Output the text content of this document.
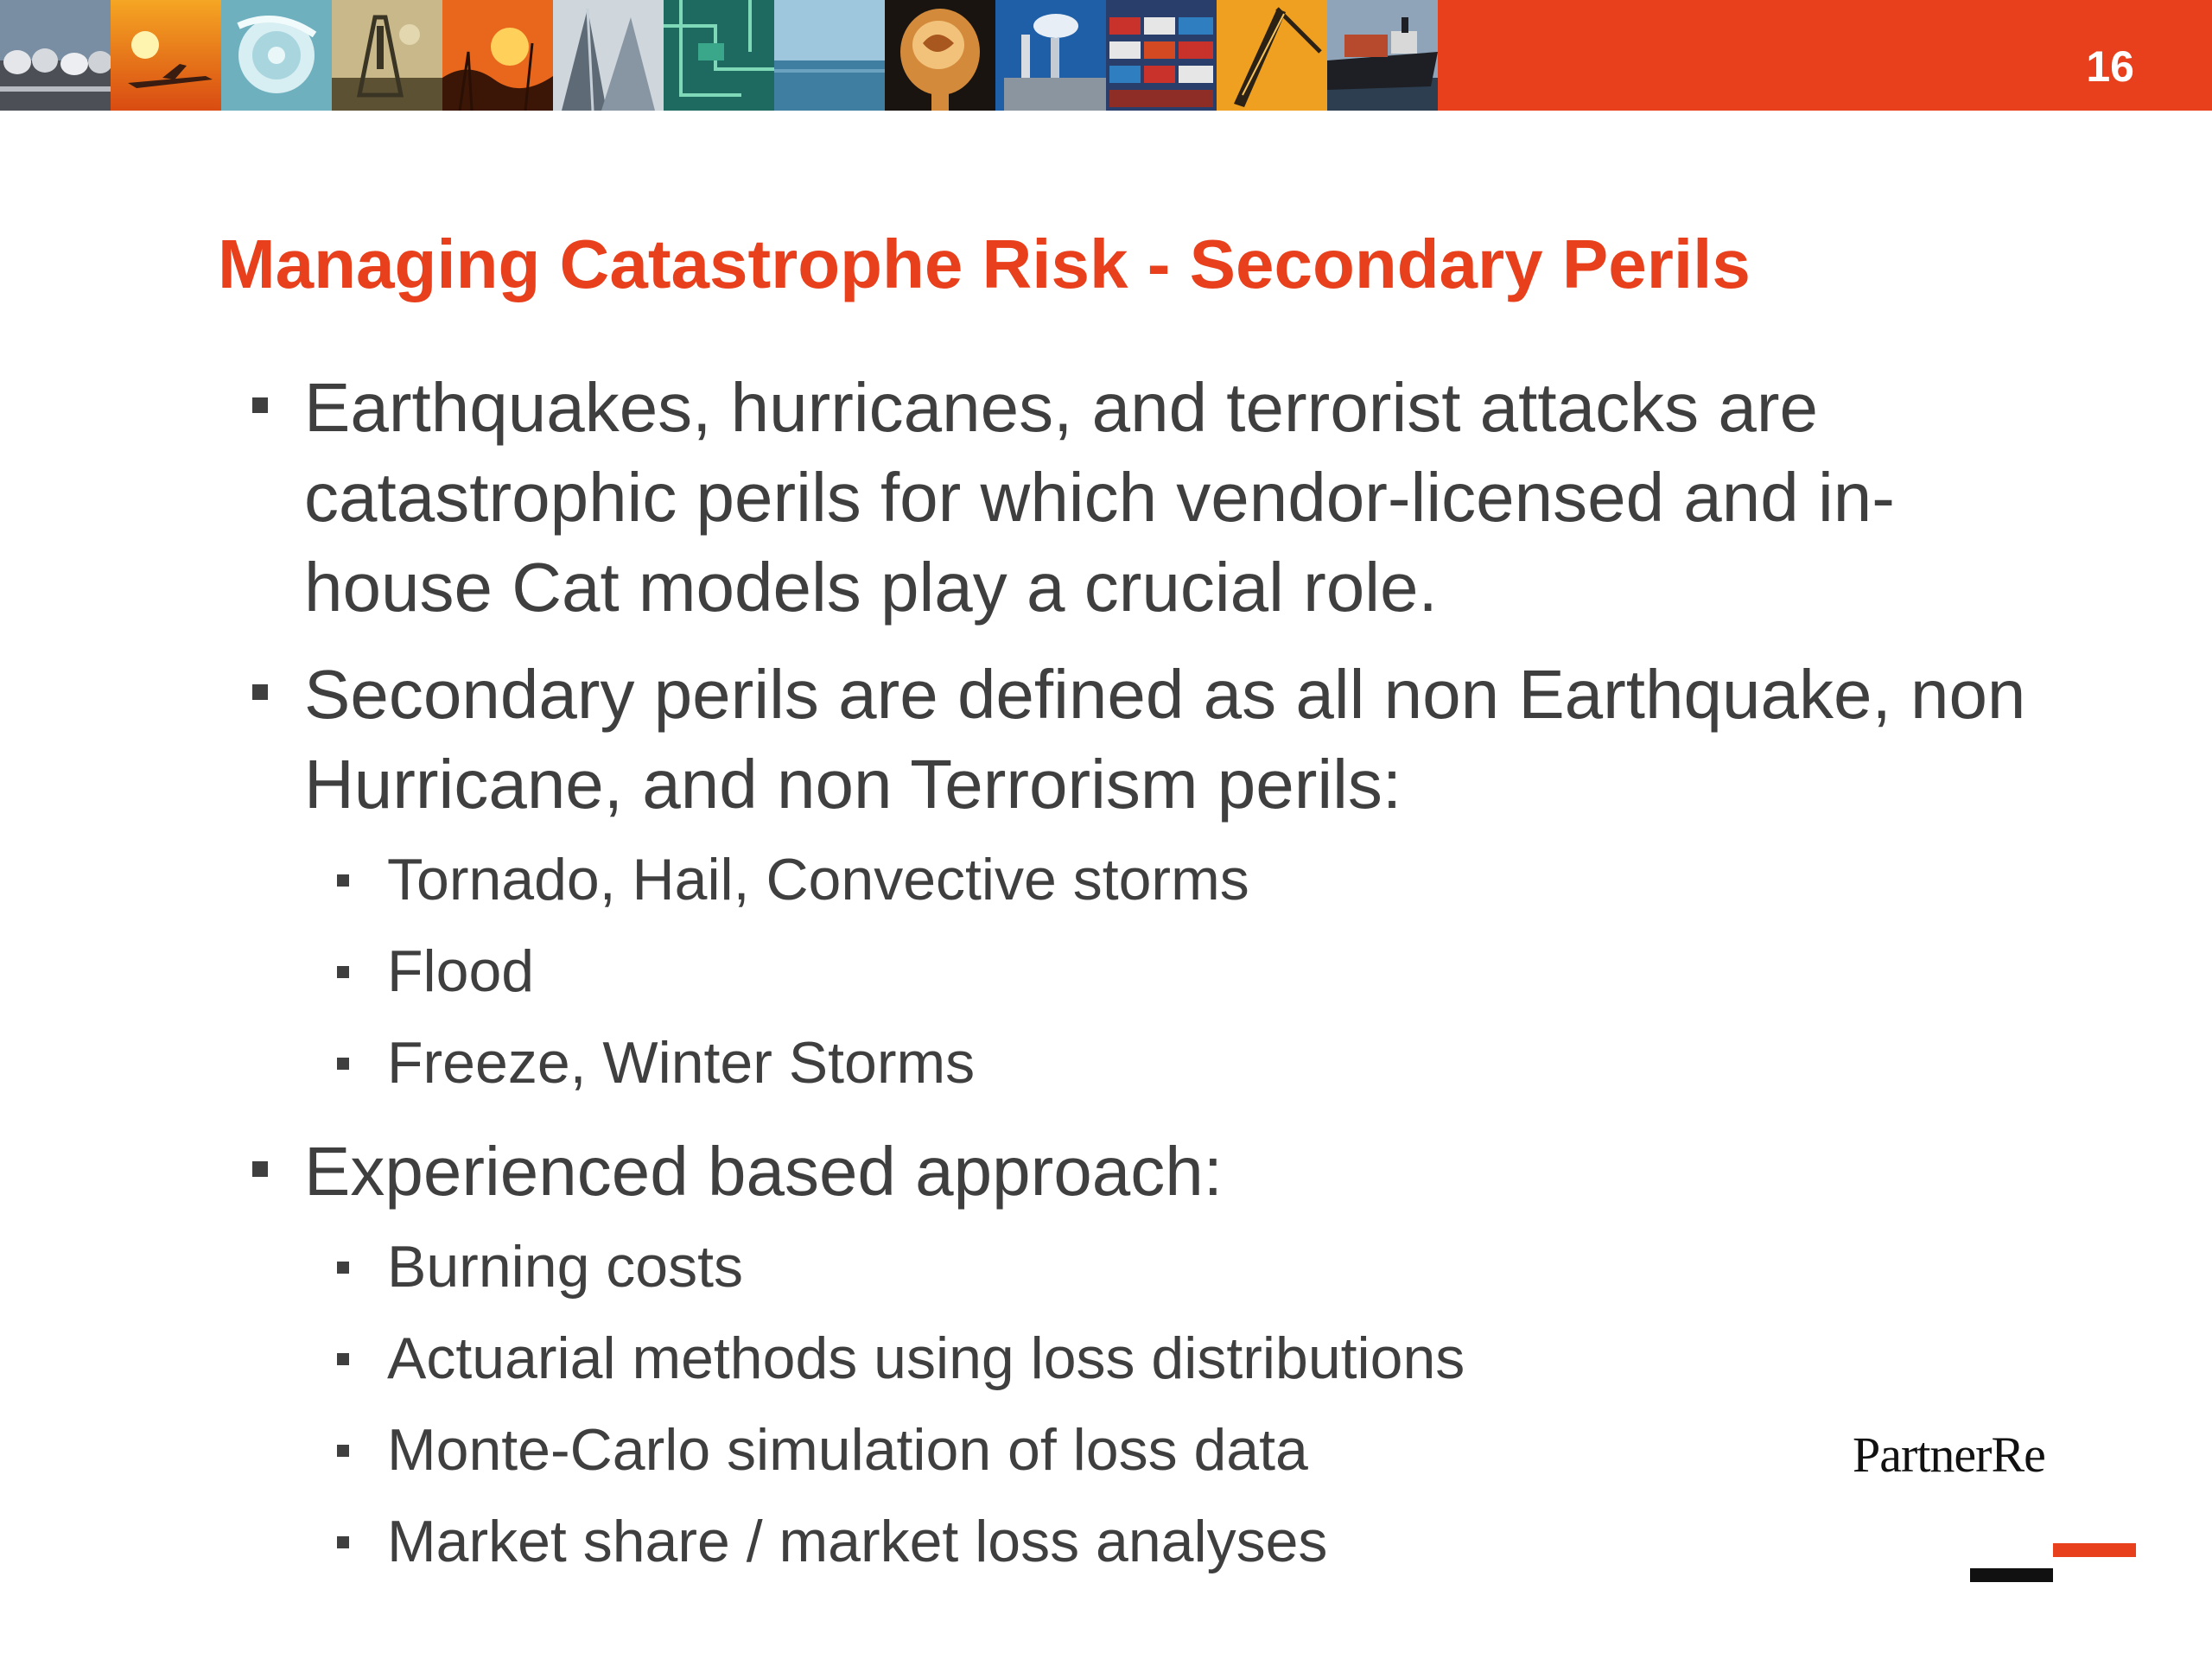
16
Managing Catastrophe Risk - Secondary Perils

Earthquakes, hurricanes, and terrorist attacks are catastrophic perils for which vendor-licensed and in-house Cat models play a crucial role.

Secondary perils are defined as all non Earthquake, non Hurricane, and non Terrorism perils:

Tornado, Hail, Convective storms

Flood

Freeze, Winter Storms

Experienced based approach:

Burning costs

Actuarial methods using loss distributions

Monte-Carlo simulation of loss data

Market share / market loss analyses

PartnerRe
